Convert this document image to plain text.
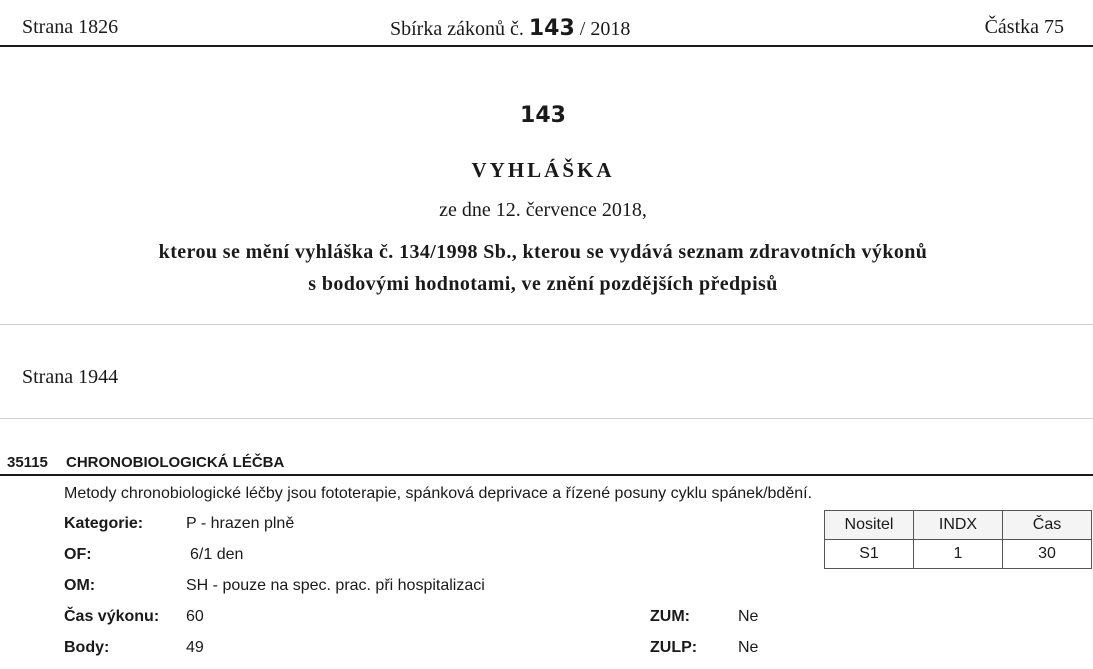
Strana 1826	Sbírka zákonů č. 143 / 2018	Částka 75
143
VYHLÁŠKA
ze dne 12. července 2018,
kterou se mění vyhláška č. 134/1998 Sb., kterou se vydává seznam zdravotních výkonů
s bodovými hodnotami, ve znění pozdějších předpisů
Strana 1944
35115 CHRONOBIOLOGICKÁ LÉČBA
Metody chronobiologické léčby jsou fototerapie, spánková deprivace a řízené posuny cyklu spánek/bdění.
Kategorie:	P - hrazen plně
OF:	6/1 den
OM:	SH - pouze na spec. prac. při hospitalizaci
Čas výkonu: 60
Body:	49
ZUM:	Ne
ZULP:	Ne
Nositel	INDX	Čas
S1	1	30
